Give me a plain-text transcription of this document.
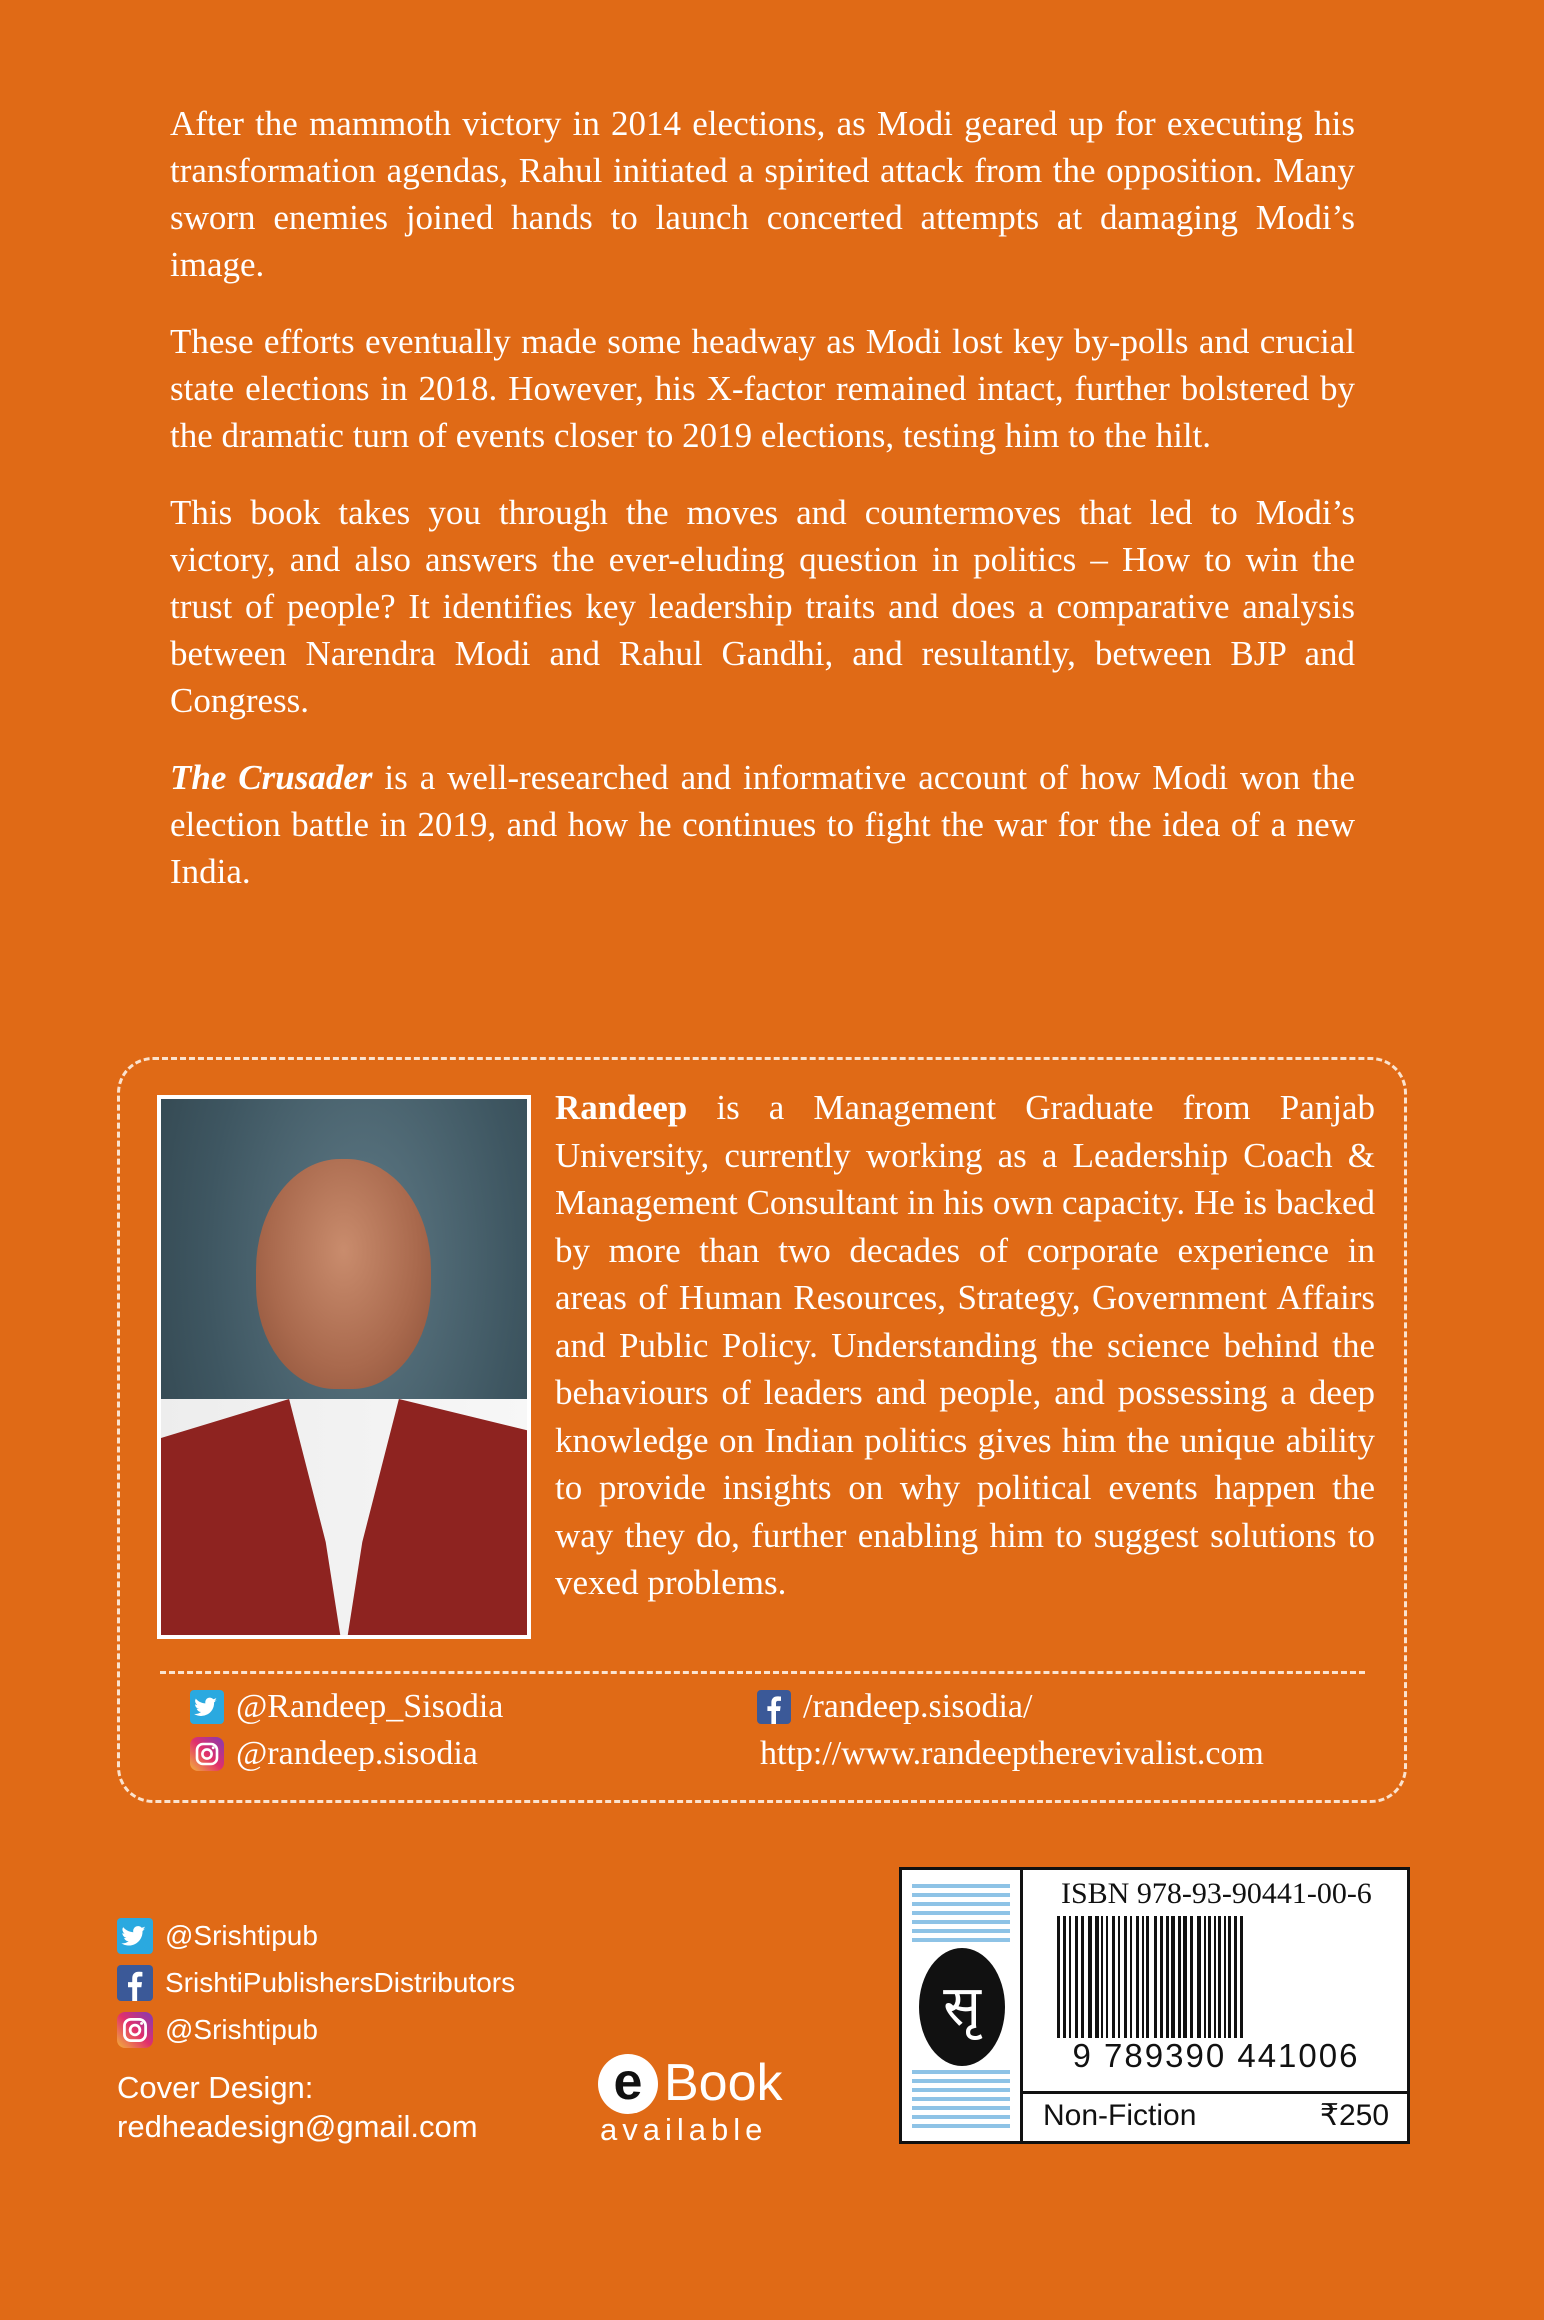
After the mammoth victory in 2014 elections, as Modi geared up for executing his transformation agendas, Rahul initiated a spirited attack from the opposition. Many sworn enemies joined hands to launch concerted attempts at damaging Modi’s image.

These efforts eventually made some headway as Modi lost key by-polls and crucial state elections in 2018. However, his X-factor remained intact, further bolstered by the dramatic turn of events closer to 2019 elections, testing him to the hilt.

This book takes you through the moves and countermoves that led to Modi’s victory, and also answers the ever-eluding question in politics – How to win the trust of people? It identifies key leadership traits and does a comparative analysis between Narendra Modi and Rahul Gandhi, and resultantly, between BJP and Congress.

The Crusader is a well-researched and informative account of how Modi won the election battle in 2019, and how he continues to fight the war for the idea of a new India.

Randeep is a Management Graduate from Panjab University, currently working as a Leadership Coach & Management Consultant in his own capacity. He is backed by more than two decades of corporate experience in areas of Human Resources, Strategy, Government Affairs and Public Policy. Understanding the science behind the behaviours of leaders and people, and possessing a deep knowledge on Indian politics gives him the unique ability to provide insights on why political events happen the way they do, further enabling him to suggest solutions to vexed problems.
@Randeep_Sisodia
@randeep.sisodia
/randeep.sisodia/
http://www.randeeptherevivalist.com
@Srishtipub
SrishtiPublishersDistributors
@Srishtipub
Cover Design:
redheadesign@gmail.com
e Book
available
सृ
ISBN 978-93-90441-00-6
9 789390 441006
Non-Fiction	₹250
